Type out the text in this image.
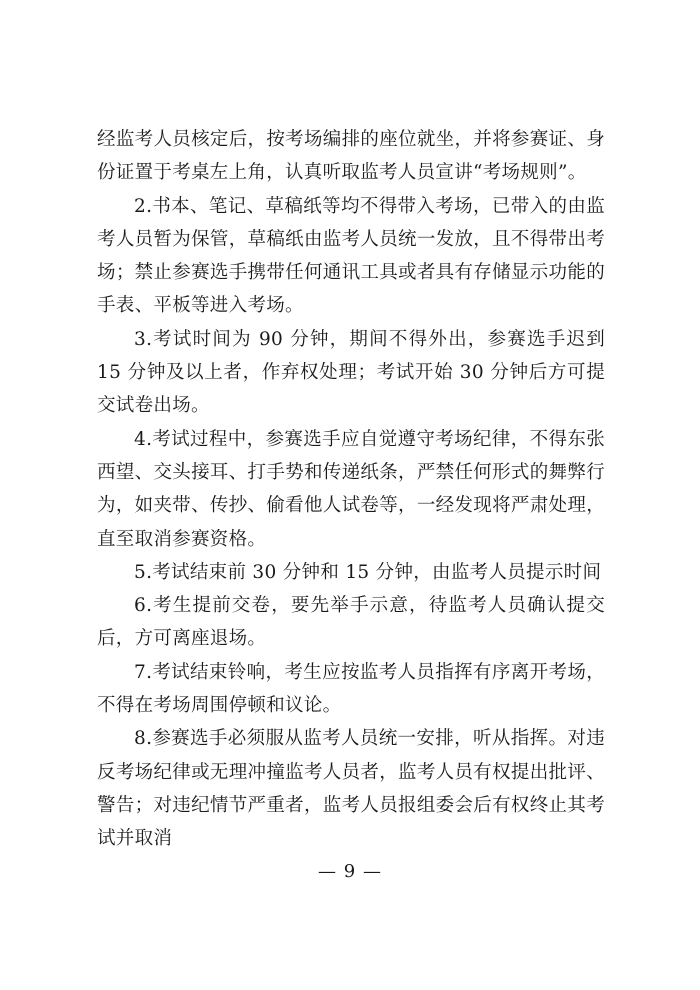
经监考人员核定后，按考场编排的座位就坐，并将参赛证、身份证置于考桌左上角，认真听取监考人员宣讲“考场规则”。

2.书本、笔记、草稿纸等均不得带入考场，已带入的由监考人员暂为保管，草稿纸由监考人员统一发放，且不得带出考场；禁止参赛选手携带任何通讯工具或者具有存储显示功能的手表、平板等进入考场。

3.考试时间为 90 分钟，期间不得外出，参赛选手迟到 15 分钟及以上者，作弃权处理；考试开始 30 分钟后方可提交试卷出场。

4.考试过程中，参赛选手应自觉遵守考场纪律，不得东张西望、交头接耳、打手势和传递纸条，严禁任何形式的舞弊行为，如夹带、传抄、偷看他人试卷等，一经发现将严肃处理，直至取消参赛资格。

5.考试结束前 30 分钟和 15 分钟，由监考人员提示时间

6.考生提前交卷，要先举手示意，待监考人员确认提交后，方可离座退场。

7.考试结束铃响，考生应按监考人员指挥有序离开考场，不得在考场周围停顿和议论。

8.参赛选手必须服从监考人员统一安排，听从指挥。对违反考场纪律或无理冲撞监考人员者，监考人员有权提出批评、警告；对违纪情节严重者，监考人员报组委会后有权终止其考试并取消

— 9 —
